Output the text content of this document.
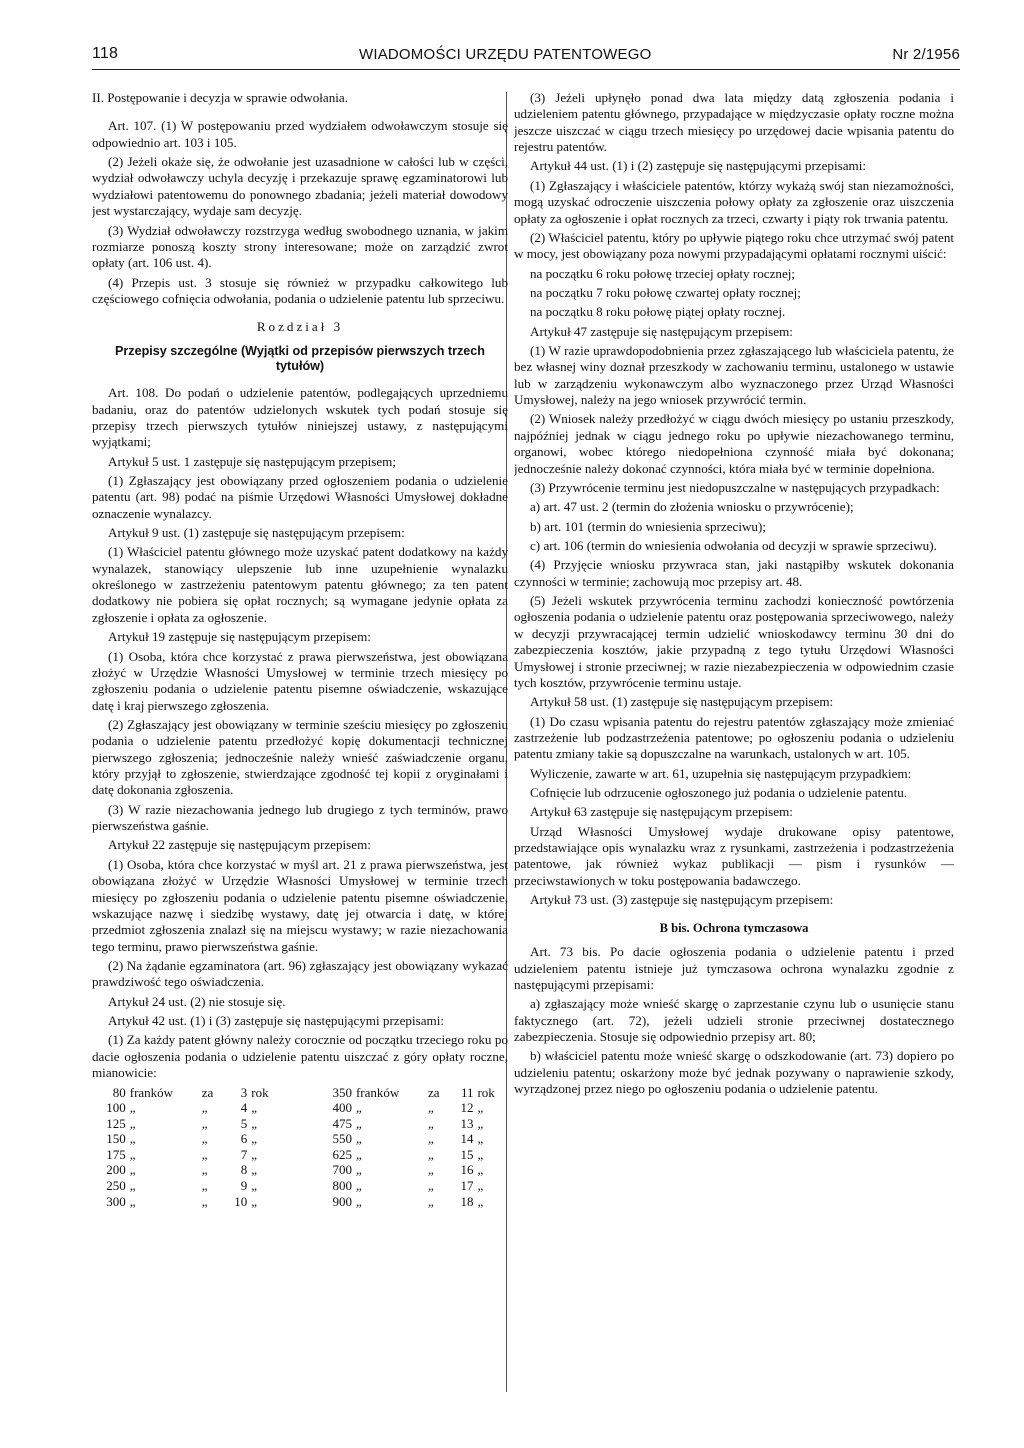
118	WIADOMOŚCI URZĘDU PATENTOWEGO	Nr 2/1956

II. Postępowanie i decyzja w sprawie odwołania.

Art. 107. (1) W postępowaniu przed wydziałem odwoławczym stosuje się odpowiednio art. 103 i 105.

(2) Jeżeli okaże się, że odwołanie jest uzasadnione w całości lub w części, wydział odwoławczy uchyla decyzję i przekazuje sprawę egzaminatorowi lub wydziałowi patentowemu do ponownego zbadania; jeżeli materiał dowodowy jest wystarczający, wydaje sam decyzję.

(3) Wydział odwoławczy rozstrzyga według swobodnego uznania, w jakim rozmiarze ponoszą koszty strony interesowane; może on zarządzić zwrot opłaty (art. 106 ust. 4).

(4) Przepis ust. 3 stosuje się również w przypadku całkowitego lub częściowego cofnięcia odwołania, podania o udzielenie patentu lub sprzeciwu.

Rozdział 3

Przepisy szczególne (Wyjątki od przepisów pierwszych trzech tytułów)

Art. 108. Do podań o udzielenie patentów, podlegających uprzedniemu badaniu, oraz do patentów udzielonych wskutek tych podań stosuje się przepisy trzech pierwszych tytułów niniejszej ustawy, z następującymi wyjątkami;

Artykuł 5 ust. 1 zastępuje się następującym przepisem;

(1) Zgłaszający jest obowiązany przed ogłoszeniem podania o udzielenie patentu (art. 98) podać na piśmie Urzędowi Własności Umysłowej dokładne oznaczenie wynalazcy.

Artykuł 9 ust. (1) zastępuje się następującym przepisem:

(1) Właściciel patentu głównego może uzyskać patent dodatkowy na każdy wynalazek, stanowiący ulepszenie lub inne uzupełnienie wynalazku określonego w zastrzeżeniu patentowym patentu głównego; za ten patent dodatkowy nie pobiera się opłat rocznych; są wymagane jedynie opłata za zgłoszenie i opłata za ogłoszenie.

Artykuł 19 zastępuje się następującym przepisem:

(1) Osoba, która chce korzystać z prawa pierwszeństwa, jest obowiązana złożyć w Urzędzie Własności Umysłowej w terminie trzech miesięcy po zgłoszeniu podania o udzielenie patentu pisemne oświadczenie, wskazujące datę i kraj pierwszego zgłoszenia.

(2) Zgłaszający jest obowiązany w terminie sześciu miesięcy po zgłoszeniu podania o udzielenie patentu przedłożyć kopię dokumentacji technicznej pierwszego zgłoszenia; jednocześnie należy wnieść zaświadczenie organu, który przyjął to zgłoszenie, stwierdzające zgodność tej kopii z oryginałami i datę dokonania zgłoszenia.

(3) W razie niezachowania jednego lub drugiego z tych terminów, prawo pierwszeństwa gaśnie.

Artykuł 22 zastępuje się następującym przepisem:

(1) Osoba, która chce korzystać w myśl art. 21 z prawa pierwszeństwa, jest obowiązana złożyć w Urzędzie Własności Umysłowej w terminie trzech miesięcy po zgłoszeniu podania o udzielenie patentu pisemne oświadczenie, wskazujące nazwę i siedzibę wystawy, datę jej otwarcia i datę, w której przedmiot zgłoszenia znalazł się na miejscu wystawy; w razie niezachowania tego terminu, prawo pierwszeństwa gaśnie.

(2) Na żądanie egzaminatora (art. 96) zgłaszający jest obowiązany wykazać prawdziwość tego oświadczenia.

Artykuł 24 ust. (2) nie stosuje się.

Artykuł 42 ust. (1) i (3) zastępuje się następującymi przepisami:

(1) Za każdy patent główny należy corocznie od początku trzeciego roku po dacie ogłoszenia podania o udzielenie patentu uiszczać z góry opłaty roczne, mianowicie:

80	franków	za	3	rok	350	franków	za	11	rok
100	„	„	4	„	400	„	„	12	„
125	„	„	5	„	475	„	„	13	„
150	„	„	6	„	550	„	„	14	„
175	„	„	7	„	625	„	„	15	„
200	„	„	8	„	700	„	„	16	„
250	„	„	9	„	800	„	„	17	„
300	„	„	10	„	900	„	„	18	„

(3) Jeżeli upłynęło ponad dwa lata między datą zgłoszenia podania i udzieleniem patentu głównego, przypadające w międzyczasie opłaty roczne można jeszcze uiszczać w ciągu trzech miesięcy po urzędowej dacie wpisania patentu do rejestru patentów.

Artykuł 44 ust. (1) i (2) zastępuje się następującymi przepisami:

(1) Zgłaszający i właściciele patentów, którzy wykażą swój stan niezamożności, mogą uzyskać odroczenie uiszczenia połowy opłaty za zgłoszenie oraz uiszczenia opłaty za ogłoszenie i opłat rocznych za trzeci, czwarty i piąty rok trwania patentu.

(2) Właściciel patentu, który po upływie piątego roku chce utrzymać swój patent w mocy, jest obowiązany poza nowymi przypadającymi opłatami rocznymi uiścić:

na początku 6 roku połowę trzeciej opłaty rocznej;

na początku 7 roku połowę czwartej opłaty rocznej;

na początku 8 roku połowę piątej opłaty rocznej.

Artykuł 47 zastępuje się następującym przepisem:

(1) W razie uprawdopodobnienia przez zgłaszającego lub właściciela patentu, że bez własnej winy doznał przeszkody w zachowaniu terminu, ustalonego w ustawie lub w zarządzeniu wykonawczym albo wyznaczonego przez Urząd Własności Umysłowej, należy na jego wniosek przywrócić termin.

(2) Wniosek należy przedłożyć w ciągu dwóch miesięcy po ustaniu przeszkody, najpóźniej jednak w ciągu jednego roku po upływie niezachowanego terminu, organowi, wobec którego niedopełniona czynność miała być dokonana; jednocześnie należy dokonać czynności, która miała być w terminie dopełniona.

(3) Przywrócenie terminu jest niedopuszczalne w następujących przypadkach:

a) art. 47 ust. 2 (termin do złożenia wniosku o przywrócenie);

b) art. 101 (termin do wniesienia sprzeciwu);

c) art. 106 (termin do wniesienia odwołania od decyzji w sprawie sprzeciwu).

(4) Przyjęcie wniosku przywraca stan, jaki nastąpiłby wskutek dokonania czynności w terminie; zachowują moc przepisy art. 48.

(5) Jeżeli wskutek przywrócenia terminu zachodzi konieczność powtórzenia ogłoszenia podania o udzielenie patentu oraz postępowania sprzeciwowego, należy w decyzji przywracającej termin udzielić wnioskodawcy terminu 30 dni do zabezpieczenia kosztów, jakie przypadną z tego tytułu Urzędowi Własności Umysłowej i stronie przeciwnej; w razie niezabezpieczenia w odpowiednim czasie tych kosztów, przywrócenie terminu ustaje.

Artykuł 58 ust. (1) zastępuje się następującym przepisem:

(1) Do czasu wpisania patentu do rejestru patentów zgłaszający może zmieniać zastrzeżenie lub podzastrzeżenia patentowe; po ogłoszeniu podania o udzieleniu patentu zmiany takie są dopuszczalne na warunkach, ustalonych w art. 105.

Wyliczenie, zawarte w art. 61, uzupełnia się następującym przypadkiem:

Cofnięcie lub odrzucenie ogłoszonego już podania o udzielenie patentu.

Artykuł 63 zastępuje się następującym przepisem:

Urząd Własności Umysłowej wydaje drukowane opisy patentowe, przedstawiające opis wynalazku wraz z rysunkami, zastrzeżenia i podzastrzeżenia patentowe, jak również wykaz publikacji — pism i rysunków — przeciwstawionych w toku postępowania badawczego.

Artykuł 73 ust. (3) zastępuje się następującym przepisem:

B bis. Ochrona tymczasowa

Art. 73 bis. Po dacie ogłoszenia podania o udzielenie patentu i przed udzieleniem patentu istnieje już tymczasowa ochrona wynalazku zgodnie z następującymi przepisami:

a) zgłaszający może wnieść skargę o zaprzestanie czynu lub o usunięcie stanu faktycznego (art. 72), jeżeli udzieli stronie przeciwnej dostatecznego zabezpieczenia. Stosuje się odpowiednio przepisy art. 80;

b) właściciel patentu może wnieść skargę o odszkodowanie (art. 73) dopiero po udzieleniu patentu; oskarżony może być jednak pozywany o naprawienie szkody, wyrządzonej przez niego po ogłoszeniu podania o udzielenie patentu.
